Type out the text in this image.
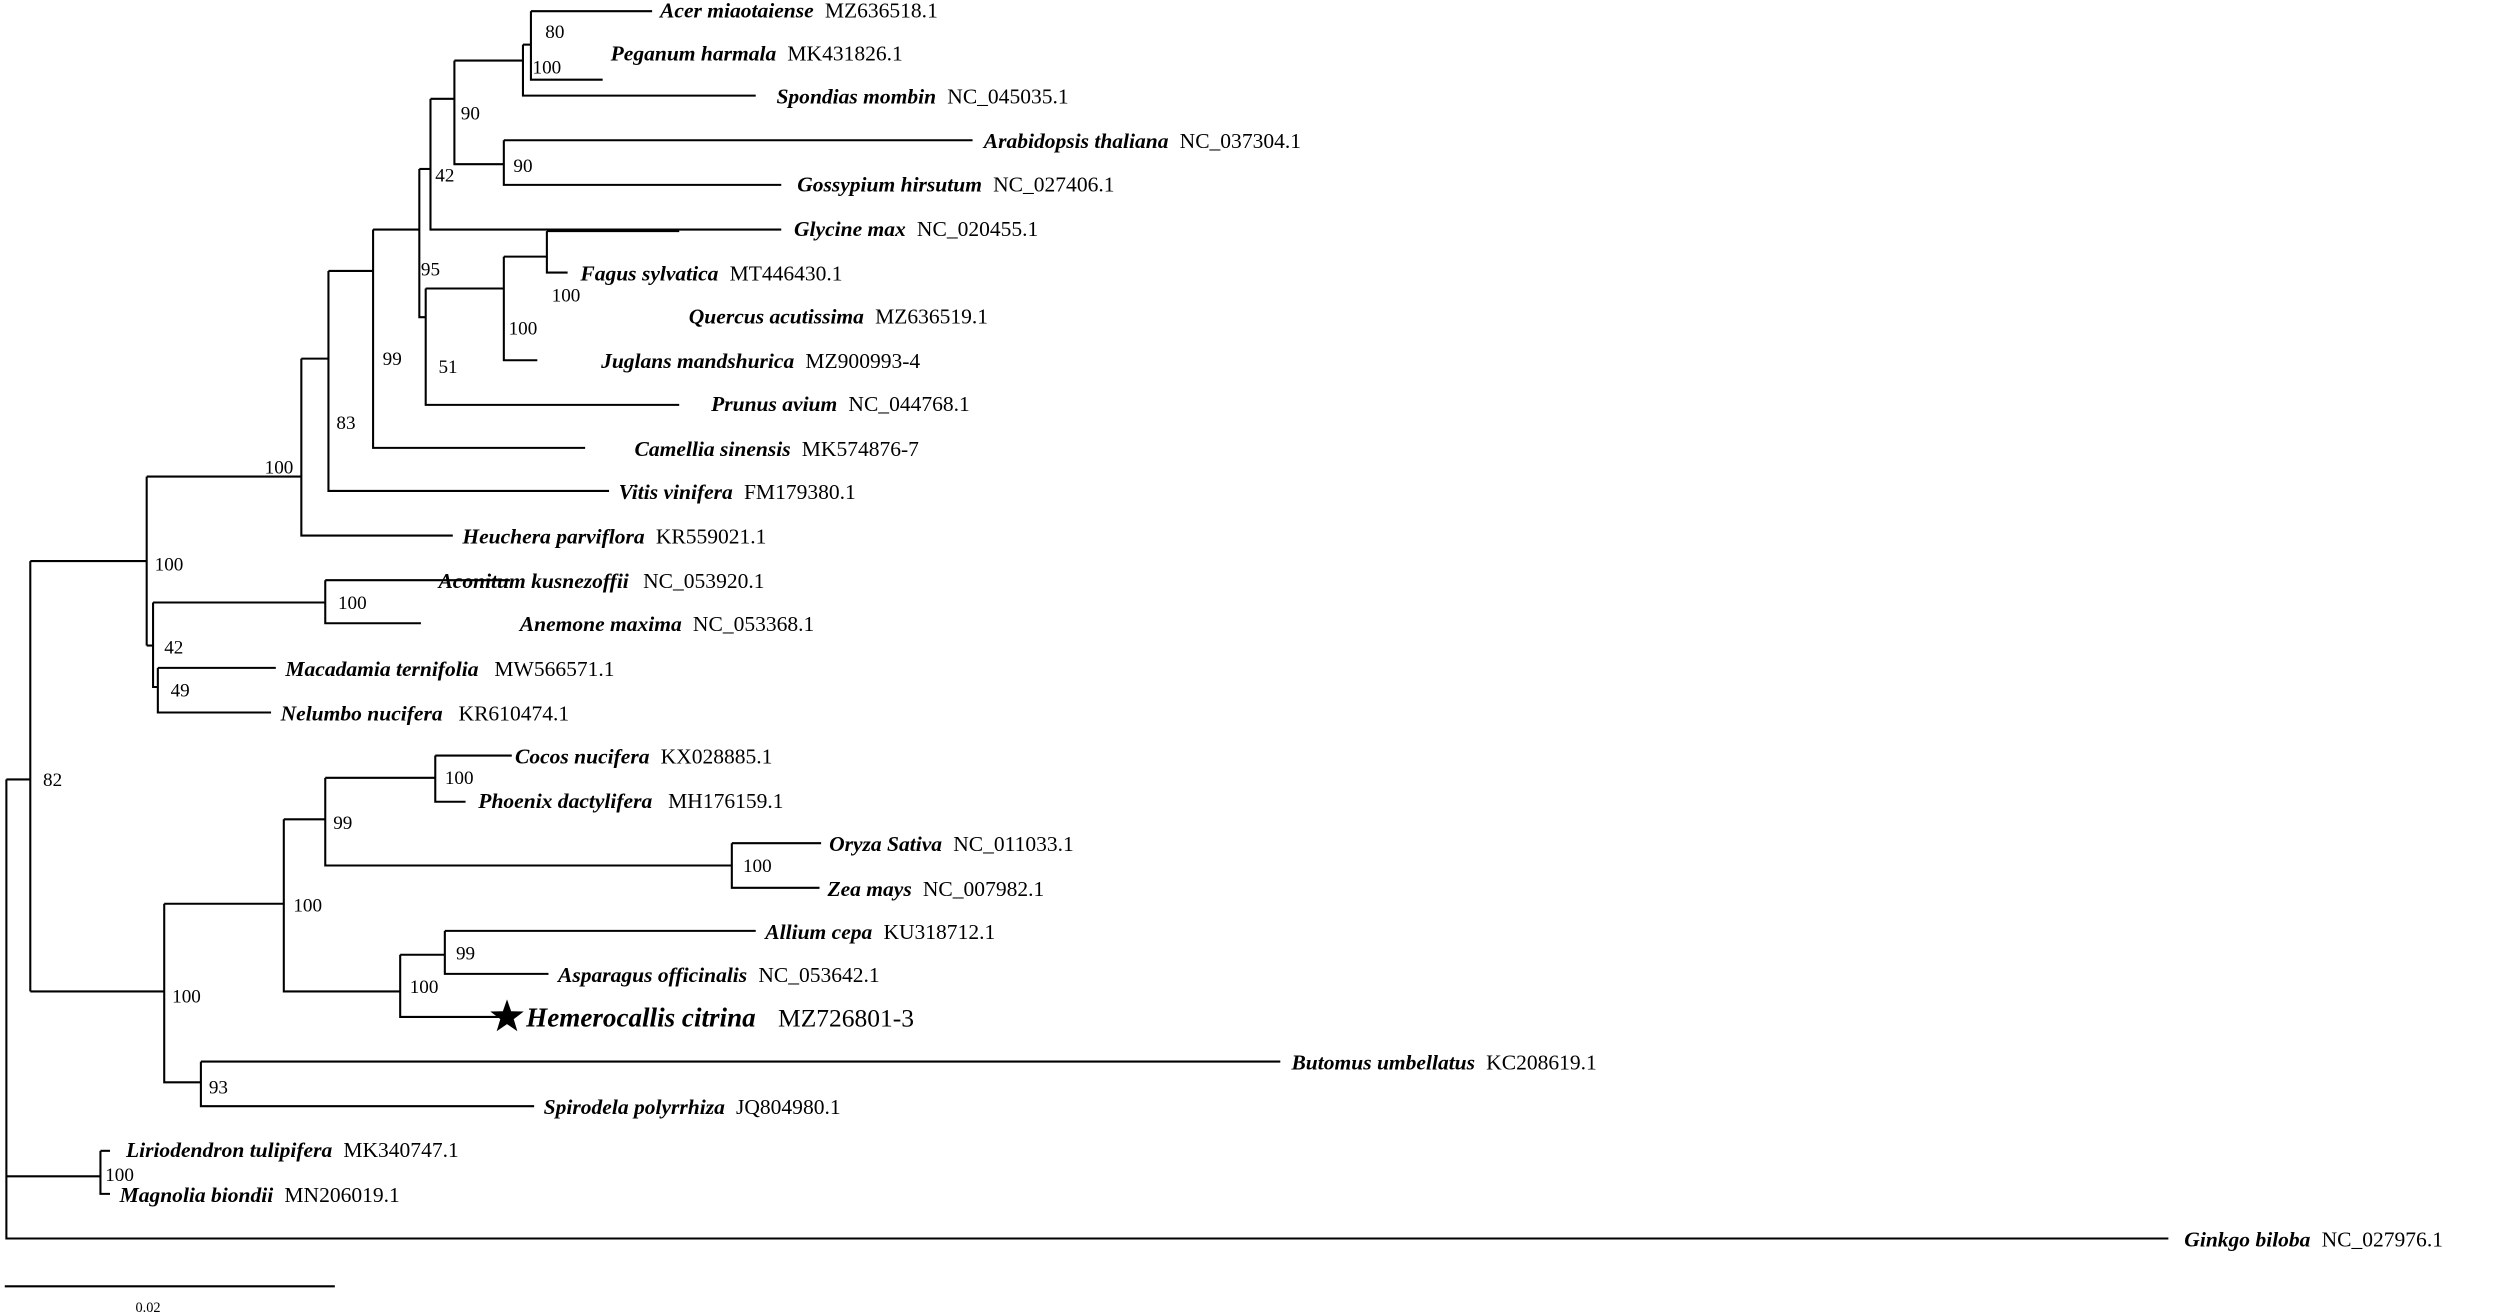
80
100
90
90
42
95
100
100
99	51
83
100
100
100
42
49
82	100
99
100
100
99
100	100
93
100
Acer miaotaiense MZ636518.1
Peganum harmala MK431826.1
Spondias mombin NC_045035.1
Arabidopsis thaliana NC_037304.1
Gossypium hirsutum NC_027406.1
Glycine max NC_020455.1
Fagus sylvatica MT446430.1
Quercus acutissima MZ636519.1
Juglans mandshurica MZ900993-4
Prunus avium NC_044768.1
Camellia sinensis MK574876-7
Vitis vinifera FM179380.1
Heuchera parviflora KR559021.1
Aconitum kusnezoffii NC_053920.1
Anemone maxima NC_053368.1
Macadamia ternifolia MW566571.1
Nelumbo nucifera KR610474.1
Cocos nucifera KX028885.1
Phoenix dactylifera MH176159.1
Oryza Sativa NC_011033.1
Zea mays NC_007982.1
Allium cepa KU318712.1
Asparagus officinalis NC_053642.1
Hemerocallis citrina MZ726801-3
Butomus umbellatus KC208619.1
Spirodela polyrrhiza JQ804980.1
Liriodendron tulipifera MK340747.1
Magnolia biondii MN206019.1
Ginkgo biloba NC_027976.1
0.02
